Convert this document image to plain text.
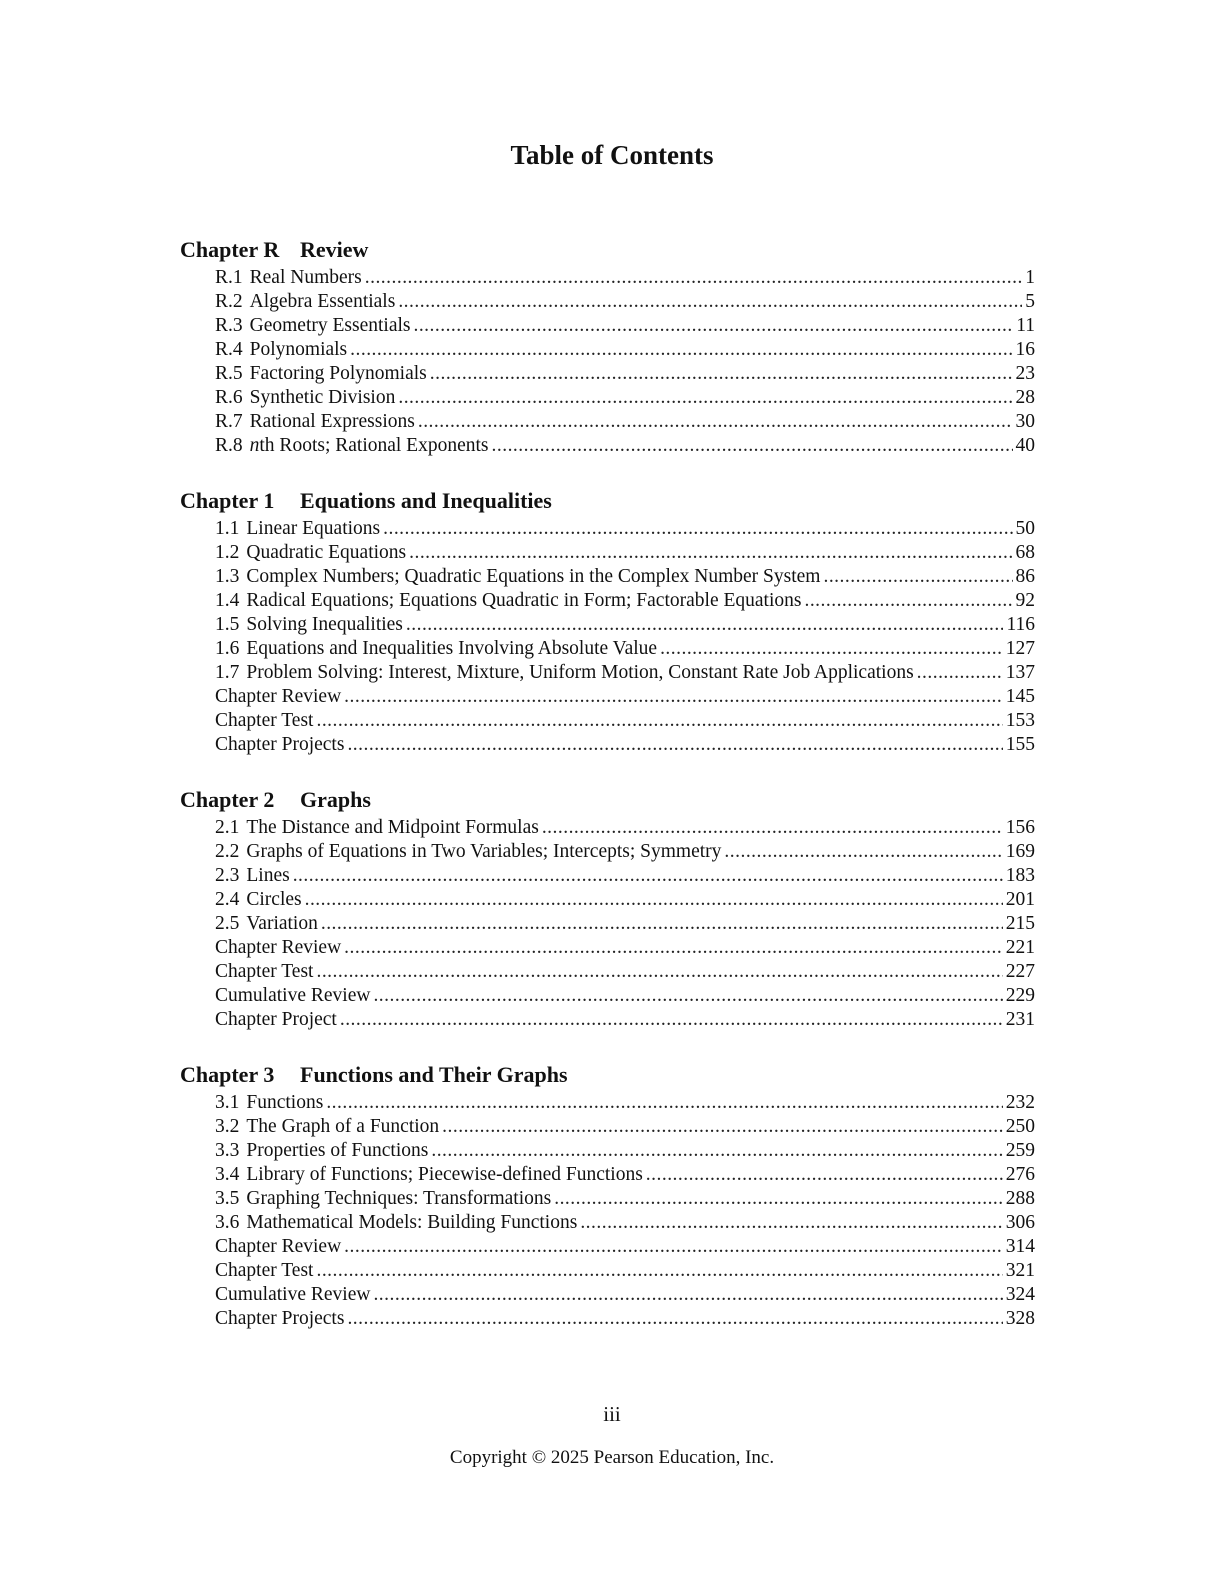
Table of Contents
Chapter R Review
R.1 Real Numbers . . .	1
R.2 Algebra Essentials . . .	5
R.3 Geometry Essentials . . .	11
R.4 Polynomials . . .	16
R.5 Factoring Polynomials . . .	23
R.6 Synthetic Division . . .	28
R.7 Rational Expressions . . .	30
R.8 nth Roots; Rational Exponents . . .	40
Chapter 1 Equations and Inequalities
1.1 Linear Equations . . .	50
1.2 Quadratic Equations . . .	68
1.3 Complex Numbers; Quadratic Equations in the Complex Number System . . .	86
1.4 Radical Equations; Equations Quadratic in Form; Factorable Equations . . .	92
1.5 Solving Inequalities . . .	116
1.6 Equations and Inequalities Involving Absolute Value . . .	127
1.7 Problem Solving: Interest, Mixture, Uniform Motion, Constant Rate Job Applications . . .	137
Chapter Review . . .	145
Chapter Test . . .	153
Chapter Projects . . .	155
Chapter 2 Graphs
2.1 The Distance and Midpoint Formulas . . .	156
2.2 Graphs of Equations in Two Variables; Intercepts; Symmetry . . .	169
2.3 Lines . . .	183
2.4 Circles . . .	201
2.5 Variation . . .	215
Chapter Review . . .	221
Chapter Test . . .	227
Cumulative Review . . .	229
Chapter Project . . .	231
Chapter 3 Functions and Their Graphs
3.1 Functions . . .	232
3.2 The Graph of a Function . . .	250
3.3 Properties of Functions . . .	259
3.4 Library of Functions; Piecewise-defined Functions . . .	276
3.5 Graphing Techniques: Transformations . . .	288
3.6 Mathematical Models: Building Functions . . .	306
Chapter Review . . .	314
Chapter Test . . .	321
Cumulative Review . . .	324
Chapter Projects . . .	328
iii
Copyright © 2025 Pearson Education, Inc.
